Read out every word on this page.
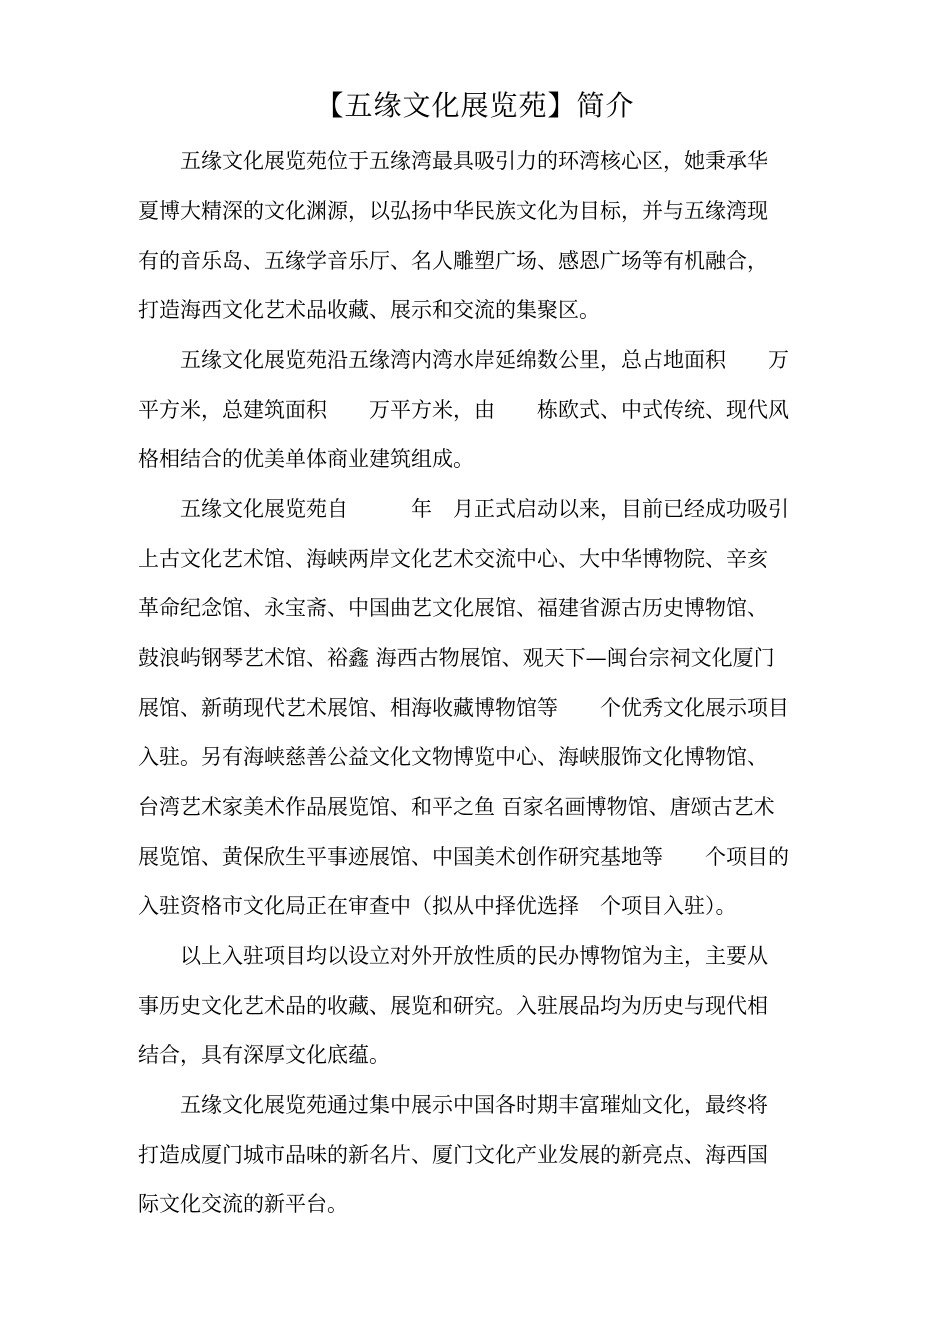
【五缘文化展览苑】简介
五缘文化展览苑位于五缘湾最具吸引力的环湾核心区，她秉承华
夏博大精深的文化渊源，以弘扬中华民族文化为目标，并与五缘湾现
有的音乐岛、五缘学音乐厅、名人雕塑广场、感恩广场等有机融合，
打造海西文化艺术品收藏、展示和交流的集聚区。
五缘文化展览苑沿五缘湾内湾水岸延绵数公里，总占地面积　　万
平方米，总建筑面积　　万平方米，由　　栋欧式、中式传统、现代风
格相结合的优美单体商业建筑组成。
五缘文化展览苑自　　　年　月正式启动以来，目前已经成功吸引
上古文化艺术馆、海峡两岸文化艺术交流中心、大中华博物院、辛亥
革命纪念馆、永宝斋、中国曲艺文化展馆、福建省源古历史博物馆、
鼓浪屿钢琴艺术馆、裕鑫 海西古物展馆、观天下—闽台宗祠文化厦门
展馆、新萌现代艺术展馆、相海收藏博物馆等　　个优秀文化展示项目
入驻。另有海峡慈善公益文化文物博览中心、海峡服饰文化博物馆、
台湾艺术家美术作品展览馆、和平之鱼 百家名画博物馆、唐颂古艺术
展览馆、黄保欣生平事迹展馆、中国美术创作研究基地等　　个项目的
入驻资格市文化局正在审查中（拟从中择优选择　个项目入驻）。
以上入驻项目均以设立对外开放性质的民办博物馆为主，主要从
事历史文化艺术品的收藏、展览和研究。入驻展品均为历史与现代相
结合，具有深厚文化底蕴。
五缘文化展览苑通过集中展示中国各时期丰富璀灿文化，最终将
打造成厦门城市品味的新名片、厦门文化产业发展的新亮点、海西国
际文化交流的新平台。
